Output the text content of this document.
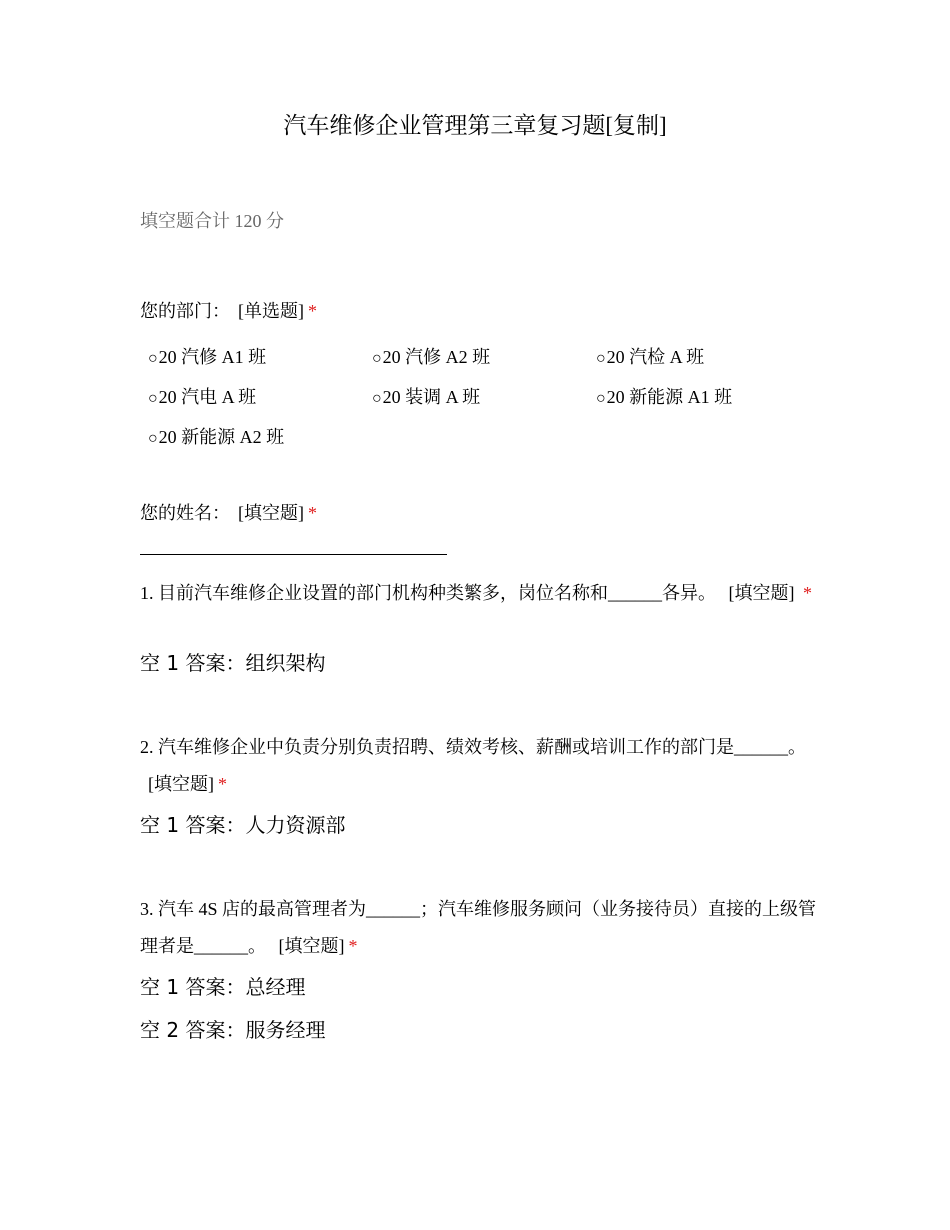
汽车维修企业管理第三章复习题[复制]
填空题合计 120 分
您的部门： [单选题] *
○20 汽修 A1 班	○20 汽修 A2 班	○20 汽检 A 班
○20 汽电 A 班	○20 装调 A 班	○20 新能源 A1 班
○20 新能源 A2 班
您的姓名： [填空题] *
1. 目前汽车维修企业设置的部门机构种类繁多，岗位名称和______各异。 [填空题] *
空 1 答案：组织架构
2. 汽车维修企业中负责分别负责招聘、绩效考核、薪酬或培训工作的部门是______。 [填空题] *
空 1 答案：人力资源部
3. 汽车 4S 店的最高管理者为______；汽车维修服务顾问（业务接待员）直接的上级管理者是______。 [填空题] *
空 1 答案：总经理
空 2 答案：服务经理
